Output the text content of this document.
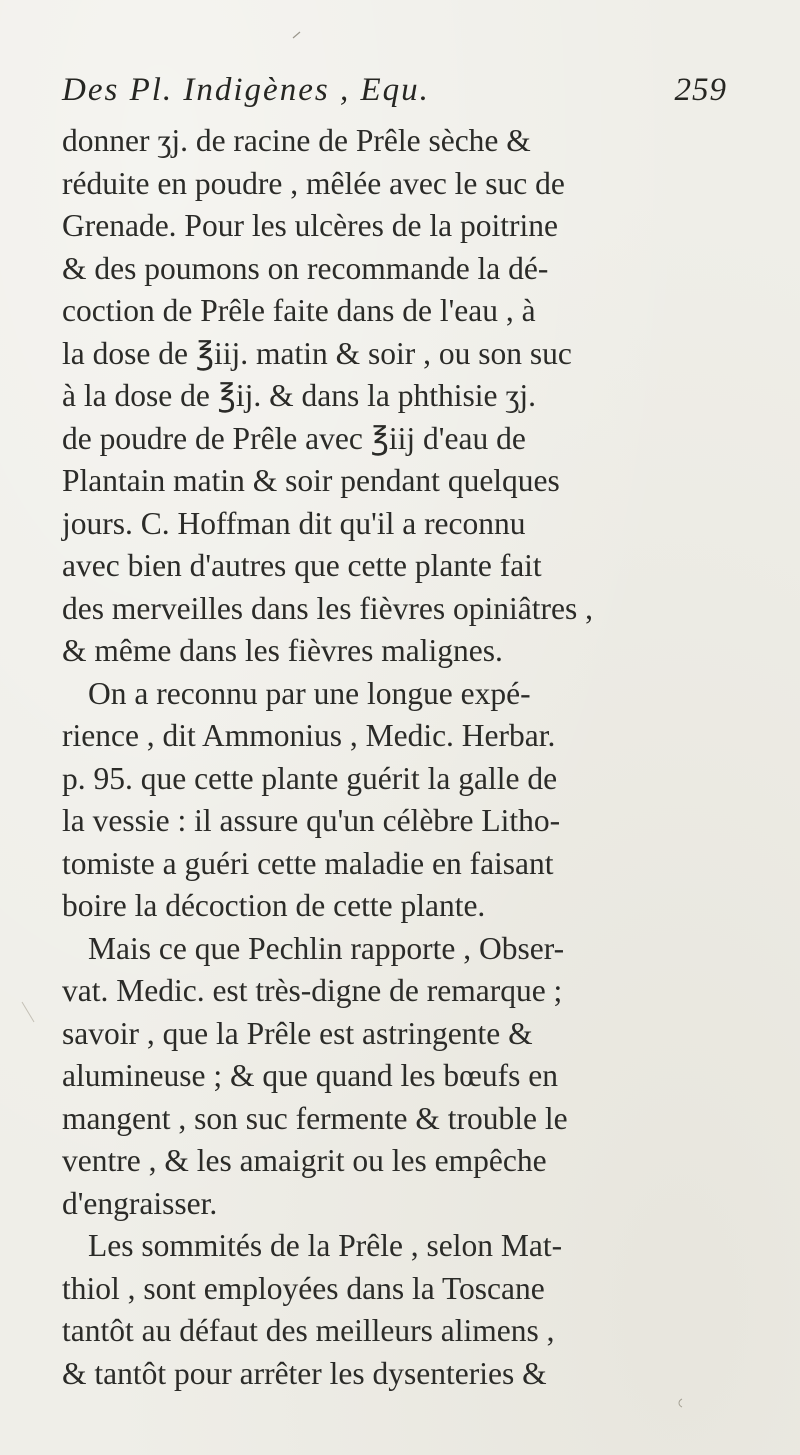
Des Pl. Indigènes , Equ.	259
donner ʒj. de racine de Prêle sèche &
réduite en poudre , mêlée avec le suc de
Grenade. Pour les ulcères de la poitrine
& des poumons on recommande la dé-
coction de Prêle faite dans de l'eau , à
la dose de ℥iij. matin & soir , ou son suc
à la dose de ℥ij. & dans la phthisie ʒj.
de poudre de Prêle avec ℥iij d'eau de
Plantain matin & soir pendant quelques
jours. C. Hoffman dit qu'il a reconnu
avec bien d'autres que cette plante fait
des merveilles dans les fièvres opiniâtres ,
& même dans les fièvres malignes.
On a reconnu par une longue expé-
rience , dit Ammonius , Medic. Herbar.
p. 95. que cette plante guérit la galle de
la vessie : il assure qu'un célèbre Litho-
tomiste a guéri cette maladie en faisant
boire la décoction de cette plante.
Mais ce que Pechlin rapporte , Obser-
vat. Medic. est très-digne de remarque ;
savoir , que la Prêle est astringente &
alumineuse ; & que quand les bœufs en
mangent , son suc fermente & trouble le
ventre , & les amaigrit ou les empêche
d'engraisser.
Les sommités de la Prêle , selon Mat-
thiol , sont employées dans la Toscane
tantôt au défaut des meilleurs alimens ,
& tantôt pour arrêter les dysenteries &
